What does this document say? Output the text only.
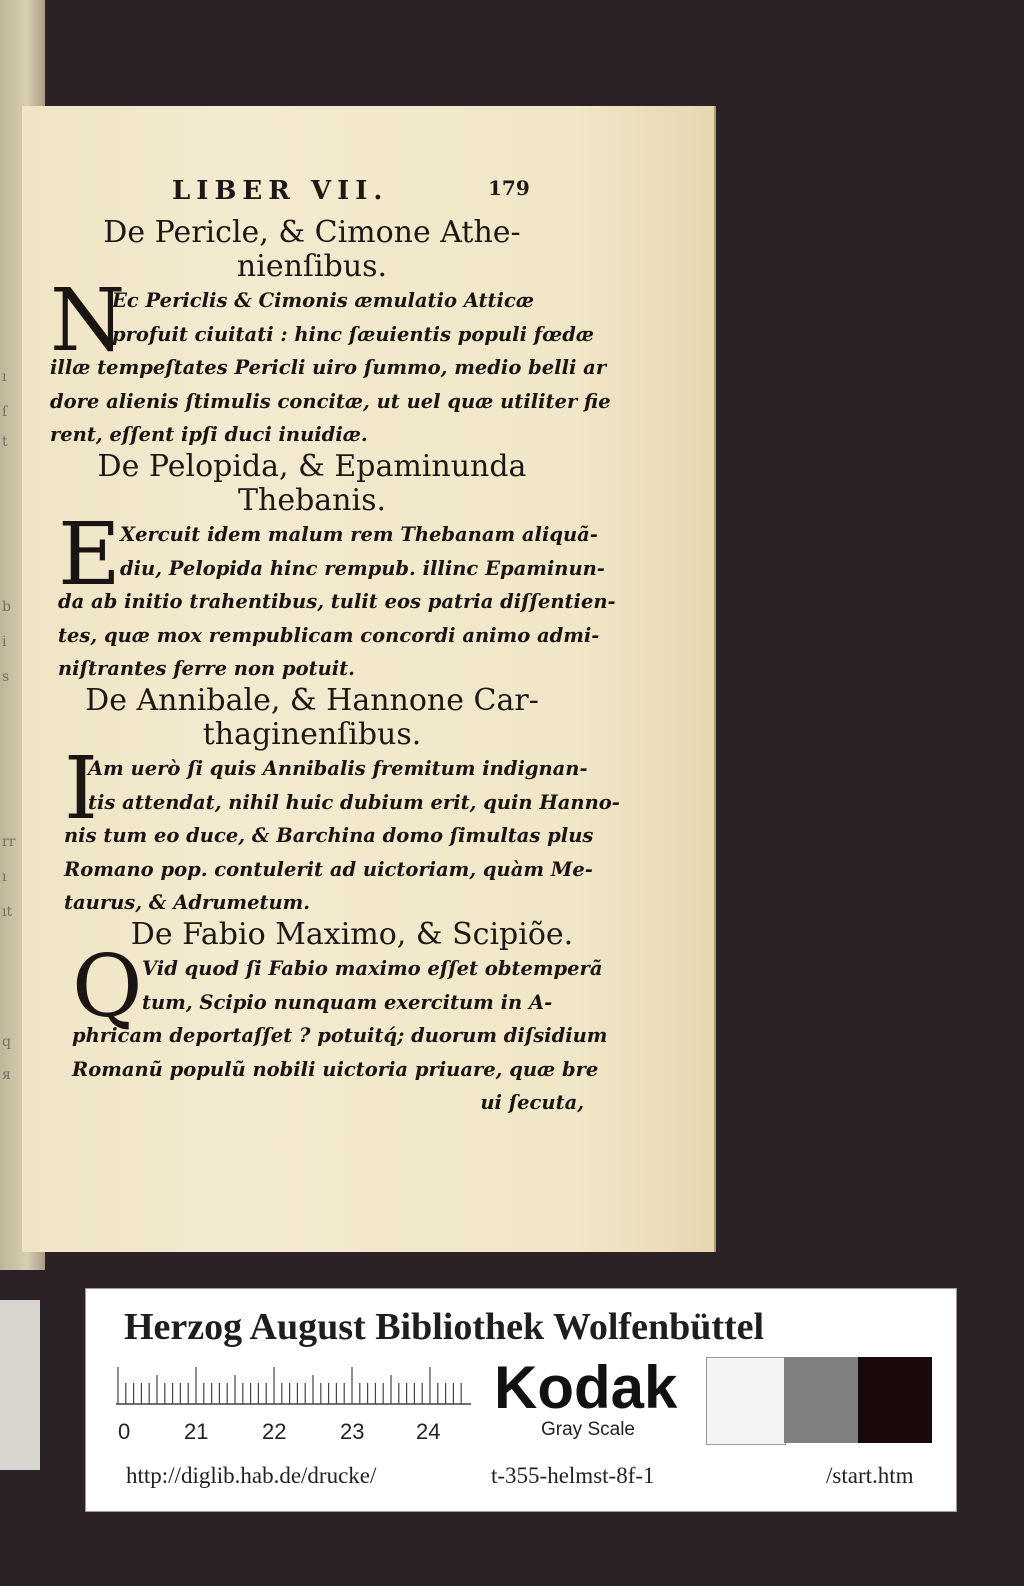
ı
ſ
t
b
i
s
rr
ı
ıt
q
я
LIBER VII.	179
De Pericle, & Cimone Athe-
nienſibus.
N
Ec Periclis & Cimonis æmulatio Atticæ
profuit ciuitati : hinc ſæuientis populi fœdæ
illæ tempeſtates Pericli uiro ſummo, medio belli ar
dore alienis ſtimulis concitæ, ut uel quæ utiliter fie
rent, eſſent ipſi duci inuidiæ.
De Pelopida, & Epaminunda
Thebanis.
E Xercuit idem malum rem Thebanam aliquã-
diu, Pelopida hinc rempub. illinc Epaminun-
da ab initio trahentibus, tulit eos patria diſſentien-
tes, quæ mox rempublicam concordi animo admi-
niſtrantes ferre non potuit.
De Annibale, & Hannone Car-
thaginenſibus.
I
Am uerò ſi quis Annibalis fremitum indignan-
tis attendat, nihil huic dubium erit, quin Hanno-
nis tum eo duce, & Barchina domo ſimultas plus
Romano pop. contulerit ad uictoriam, quàm Me-
taurus, & Adrumetum.
De Fabio Maximo, & Scipiõe.
Q Vid quod ſi Fabio maximo eſſet obtemperã
tum, Scipio nunquam exercitum in A-
phricam deportaſſet ? potuitq́; duorum diſsidium
Romanũ populũ nobili uictoria priuare, quæ bre
ui ſecuta,
Herzog August Bibliothek Wolfenbüttel
0 21 22 23 24
Kodak
Gray Scale
http://diglib.hab.de/drucke/	t-355-helmst-8f-1	/start.htm
